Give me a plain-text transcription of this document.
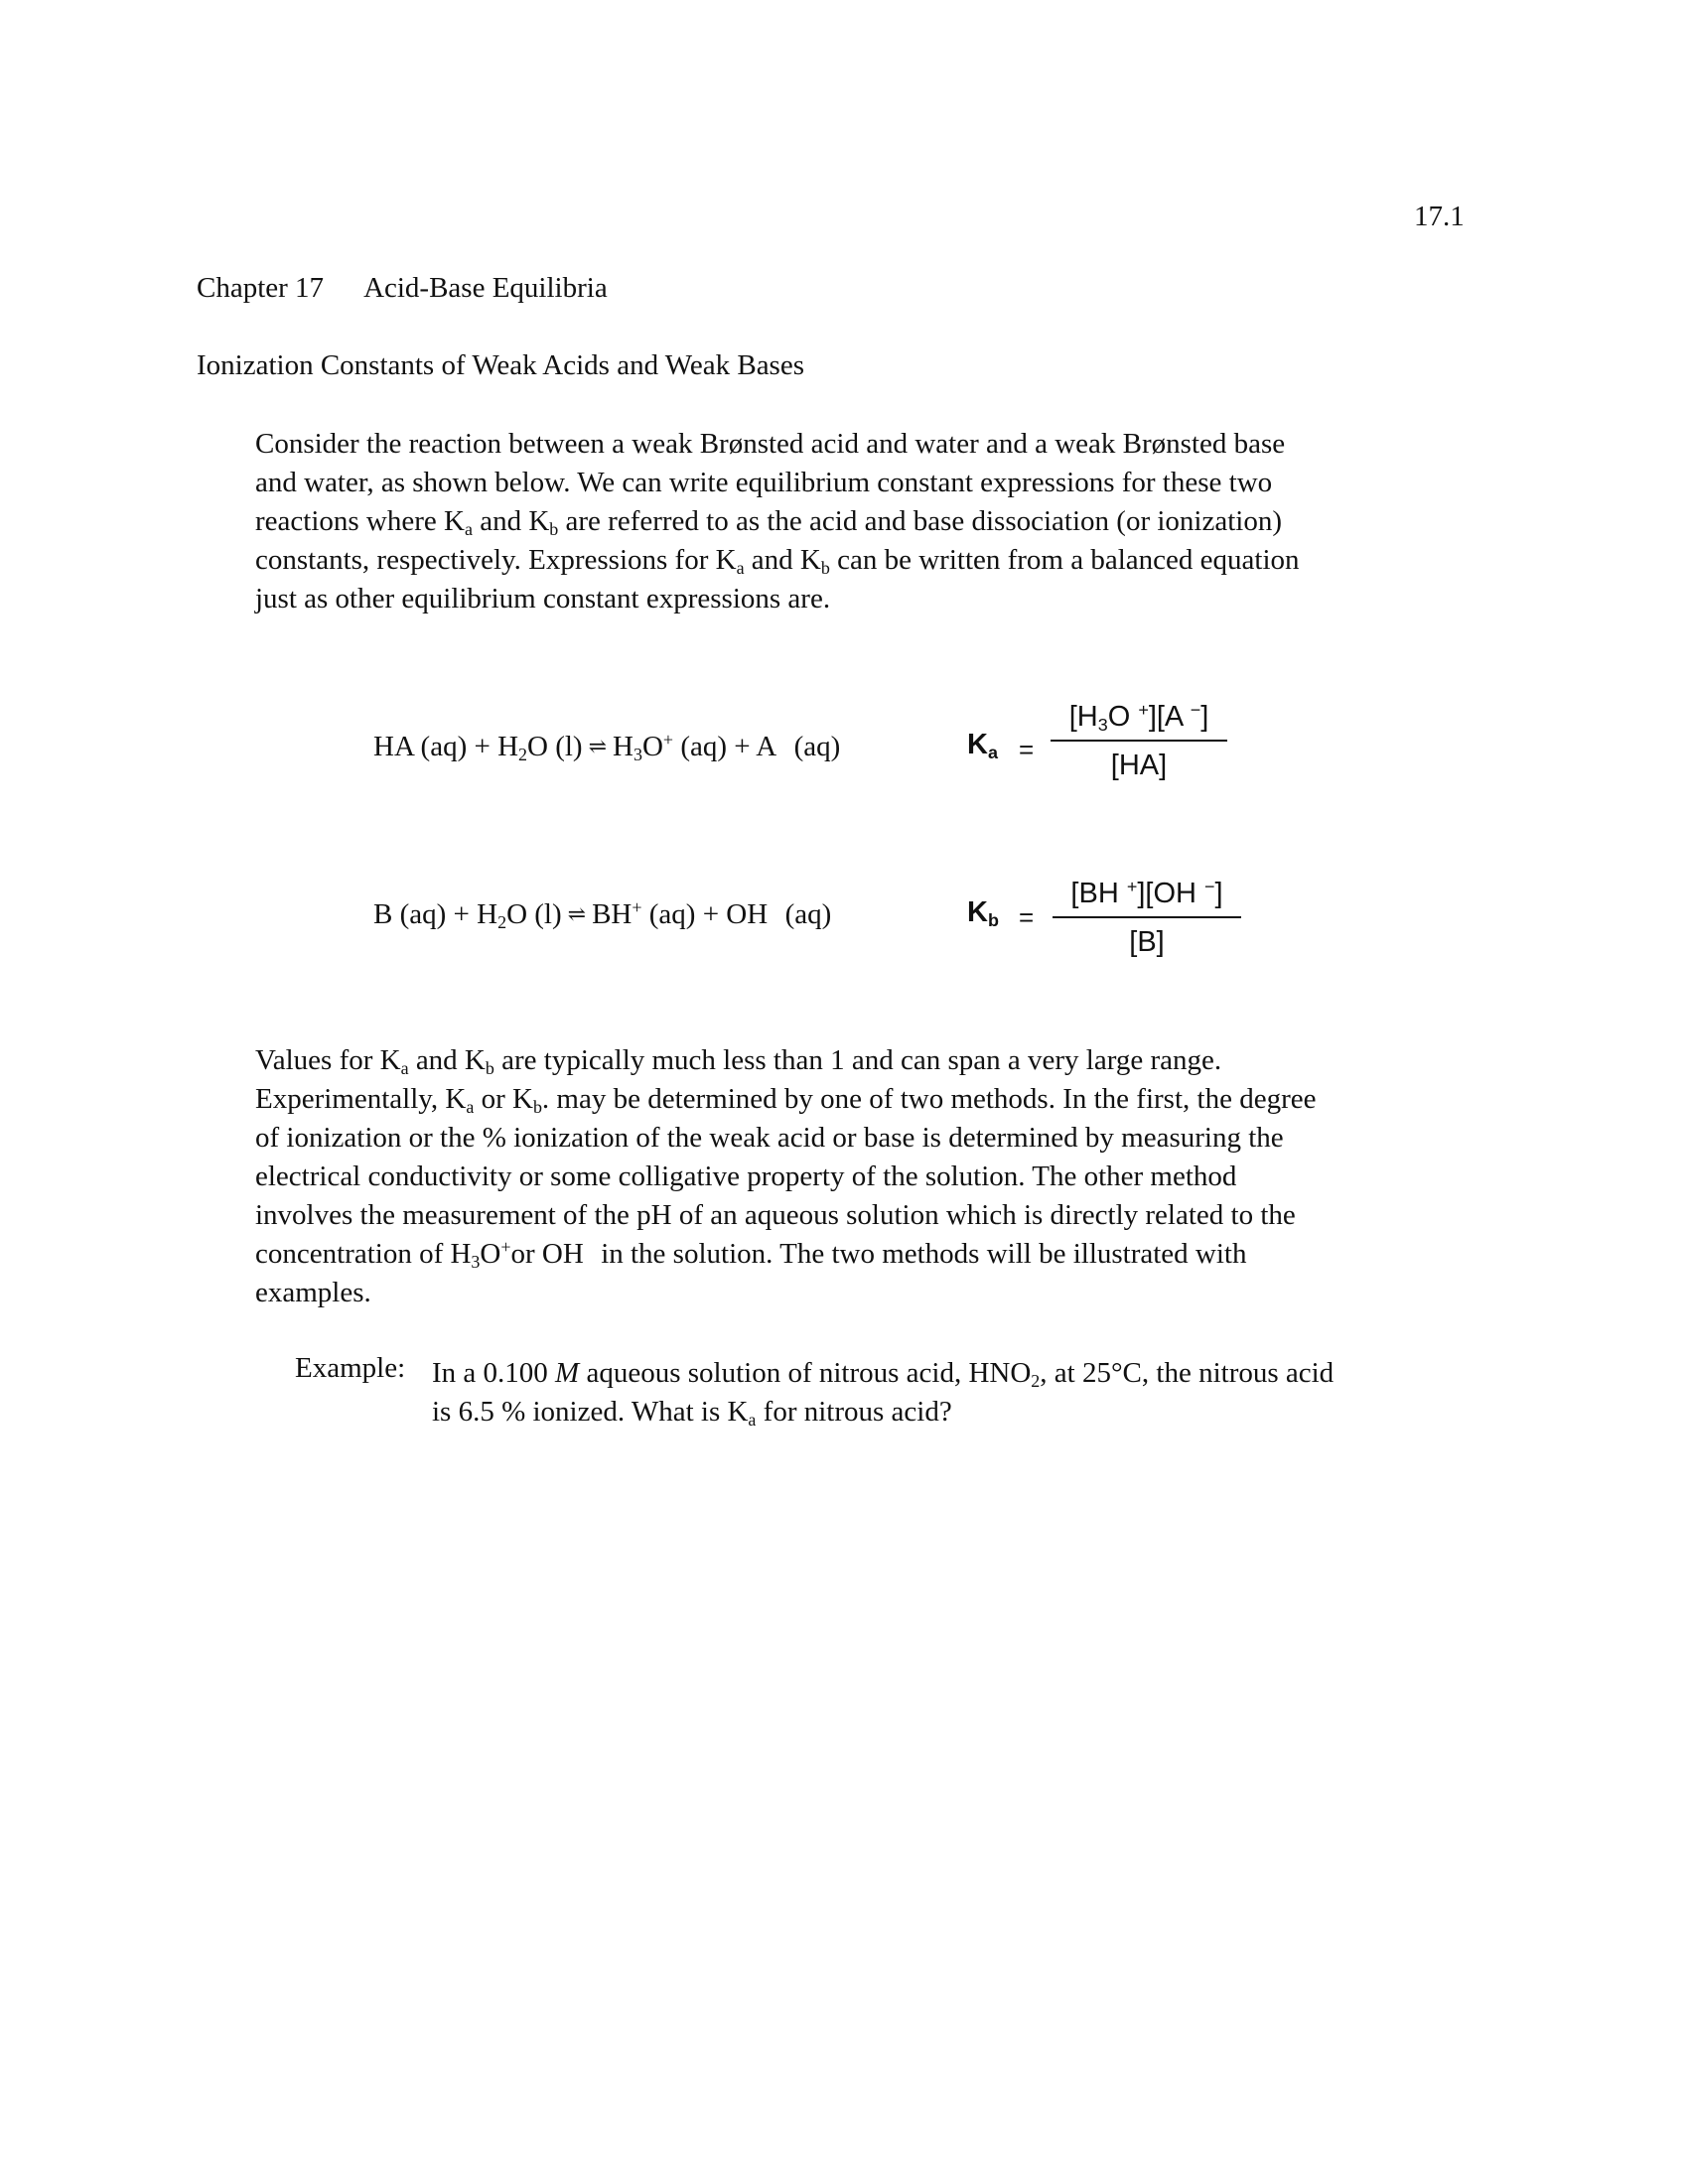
17.1
Chapter 17 Acid-Base Equilibria
Ionization Constants of Weak Acids and Weak Bases
Consider the reaction between a weak Brønsted acid and water and a weak Brønsted base
and water, as shown below. We can write equilibrium constant expressions for these two
reactions where $K_a$ and $K_b$ are referred to as the acid and base dissociation (or ionization)
constants, respectively. Expressions for $K_a$ and $K_b$ can be written from a balanced equation
just as other equilibrium constant expressions are.
HA $(aq) + H_2O$ (l) ⇌ $H_3O^+$ (aq) + A− (aq)	$K_a$ =
[$H_3O$ +][A −]
[HA]
B $(aq) + H_2O$ (l) ⇌ BH+ (aq) + OH− (aq)	$K_b$ =
[BH +][OH −]
[B]
Values for $K_a$ and $K_b$ are typically much less than 1 and can span a very large range.
Experimentally, $K_a$ or $K_b$. may be determined by one of two methods. In the first, the degree
of ionization or the % ionization of the weak acid or base is determined by measuring the
electrical conductivity or some colligative property of the solution. The other method
involves the measurement of the pH of an aqueous solution which is directly related to the
concentration of $H_3O^+or$ OH− in the solution. The two methods will be illustrated with
examples.
Example: In a 0.100 M aqueous solution of nitrous acid, $HNO_2$, at 25°C, the nitrous acid
is 6.5 % ionized. What is $K_a$ for nitrous acid?
